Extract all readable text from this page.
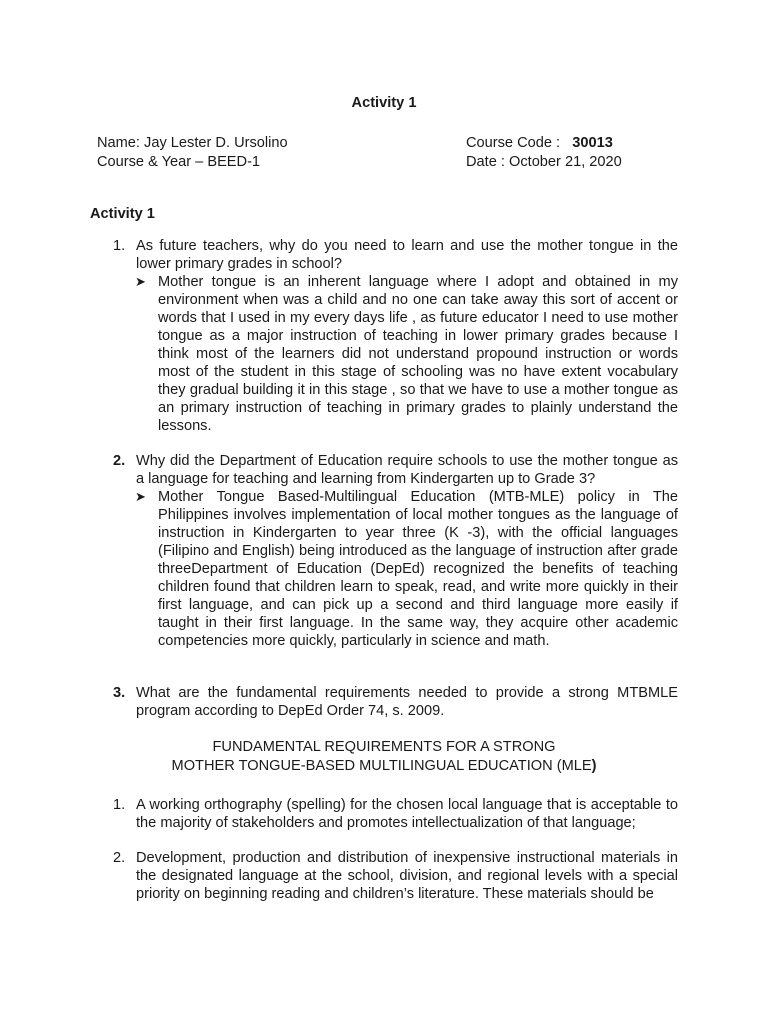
Activity 1
Name: Jay Lester D. Ursolino	Course Code : 30013
Course & Year – BEED-1	Date : October 21, 2020
Activity 1
1. As future teachers, why do you need to learn and use the mother tongue in the lower primary grades in school?
➤ Mother tongue is an inherent language where I adopt and obtained in my environment when was a child and no one can take away this sort of accent or words that I used in my every days life , as future educator I need to use mother tongue as a major instruction of teaching in lower primary grades because I think most of the learners did not understand propound instruction or words most of the student in this stage of schooling was no have extent vocabulary they gradual building it in this stage , so that we have to use a mother tongue as an primary instruction of teaching in primary grades to plainly understand the lessons.
2. Why did the Department of Education require schools to use the mother tongue as a language for teaching and learning from Kindergarten up to Grade 3?
➤ Mother Tongue Based-Multilingual Education (MTB-MLE) policy in The Philippines involves implementation of local mother tongues as the language of instruction in Kindergarten to year three (K -3), with the official languages (Filipino and English) being introduced as the language of instruction after grade threeDepartment of Education (DepEd) recognized the benefits of teaching children found that children learn to speak, read, and write more quickly in their first language, and can pick up a second and third language more easily if taught in their first language. In the same way, they acquire other academic competencies more quickly, particularly in science and math.
3. What are the fundamental requirements needed to provide a strong MTBMLE program according to DepEd Order 74, s. 2009.
FUNDAMENTAL REQUIREMENTS FOR A STRONG
MOTHER TONGUE-BASED MULTILINGUAL EDUCATION (MLE)
1. A working orthography (spelling) for the chosen local language that is acceptable to the majority of stakeholders and promotes intellectualization of that language;
2. Development, production and distribution of inexpensive instructional materials in the designated language at the school, division, and regional levels with a special priority on beginning reading and children’s literature. These materials should be
